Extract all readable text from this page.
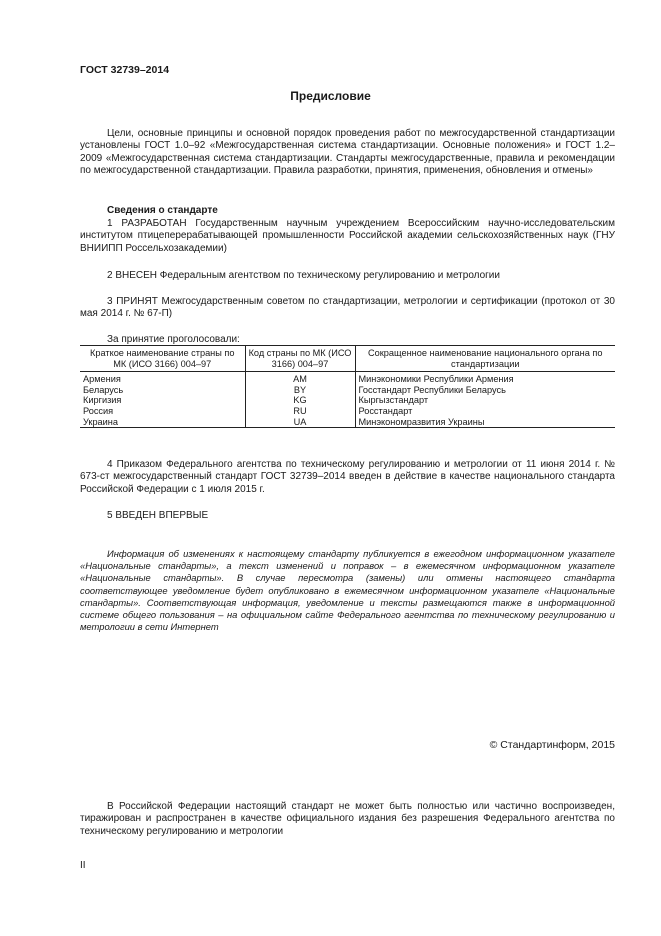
ГОСТ 32739–2014
Предисловие

Цели, основные принципы и основной порядок проведения работ по межгосударственной стандартизации установлены ГОСТ 1.0–92 «Межгосударственная система стандартизации. Основные положения» и ГОСТ 1.2–2009 «Межгосударственная система стандартизации. Стандарты межгосударственные, правила и рекомендации по межгосударственной стандартизации. Правила разработки, принятия, применения, обновления и отмены»

Сведения о стандарте

1 РАЗРАБОТАН Государственным научным учреждением Всероссийским научно-исследовательским институтом птицеперерабатывающей промышленности Российской академии сельскохозяйственных наук (ГНУ ВНИИПП Россельхозакадемии)

2 ВНЕСЕН Федеральным агентством по техническому регулированию и метрологии

3 ПРИНЯТ Межгосударственным советом по стандартизации, метрологии и сертификации (протокол от 30 мая 2014 г. № 67-П)

За принятие проголосовали:
Краткое наименование страны по МК (ИСО 3166) 004–97	Код страны по МК (ИСО 3166) 004–97	Сокращенное наименование национального органа по стандартизации
Армения	AM	Минэкономики Республики Армения
Беларусь	BY	Госстандарт Республики Беларусь
Киргизия	KG	Кыргызстандарт
Россия	RU	Росстандарт
Украина	UA	Минэкономразвития Украины

4 Приказом Федерального агентства по техническому регулированию и метрологии от 11 июня 2014 г. № 673-ст межгосударственный стандарт ГОСТ 32739–2014 введен в действие в качестве национального стандарта Российской Федерации с 1 июля 2015 г.

5 ВВЕДЕН ВПЕРВЫЕ

Информация об изменениях к настоящему стандарту публикуется в ежегодном информационном указателе «Национальные стандарты», а текст изменений и поправок – в ежемесячном информационном указателе «Национальные стандарты». В случае пересмотра (замены) или отмены настоящего стандарта соответствующее уведомление будет опубликовано в ежемесячном информационном указателе «Национальные стандарты». Соответствующая информация, уведомление и тексты размещаются также в информационной системе общего пользования – на официальном сайте Федерального агентства по техническому регулированию и метрологии в сети Интернет

© Стандартинформ, 2015

В Российской Федерации настоящий стандарт не может быть полностью или частично воспроизведен, тиражирован и распространен в качестве официального издания без разрешения Федерального агентства по техническому регулированию и метрологии

II
